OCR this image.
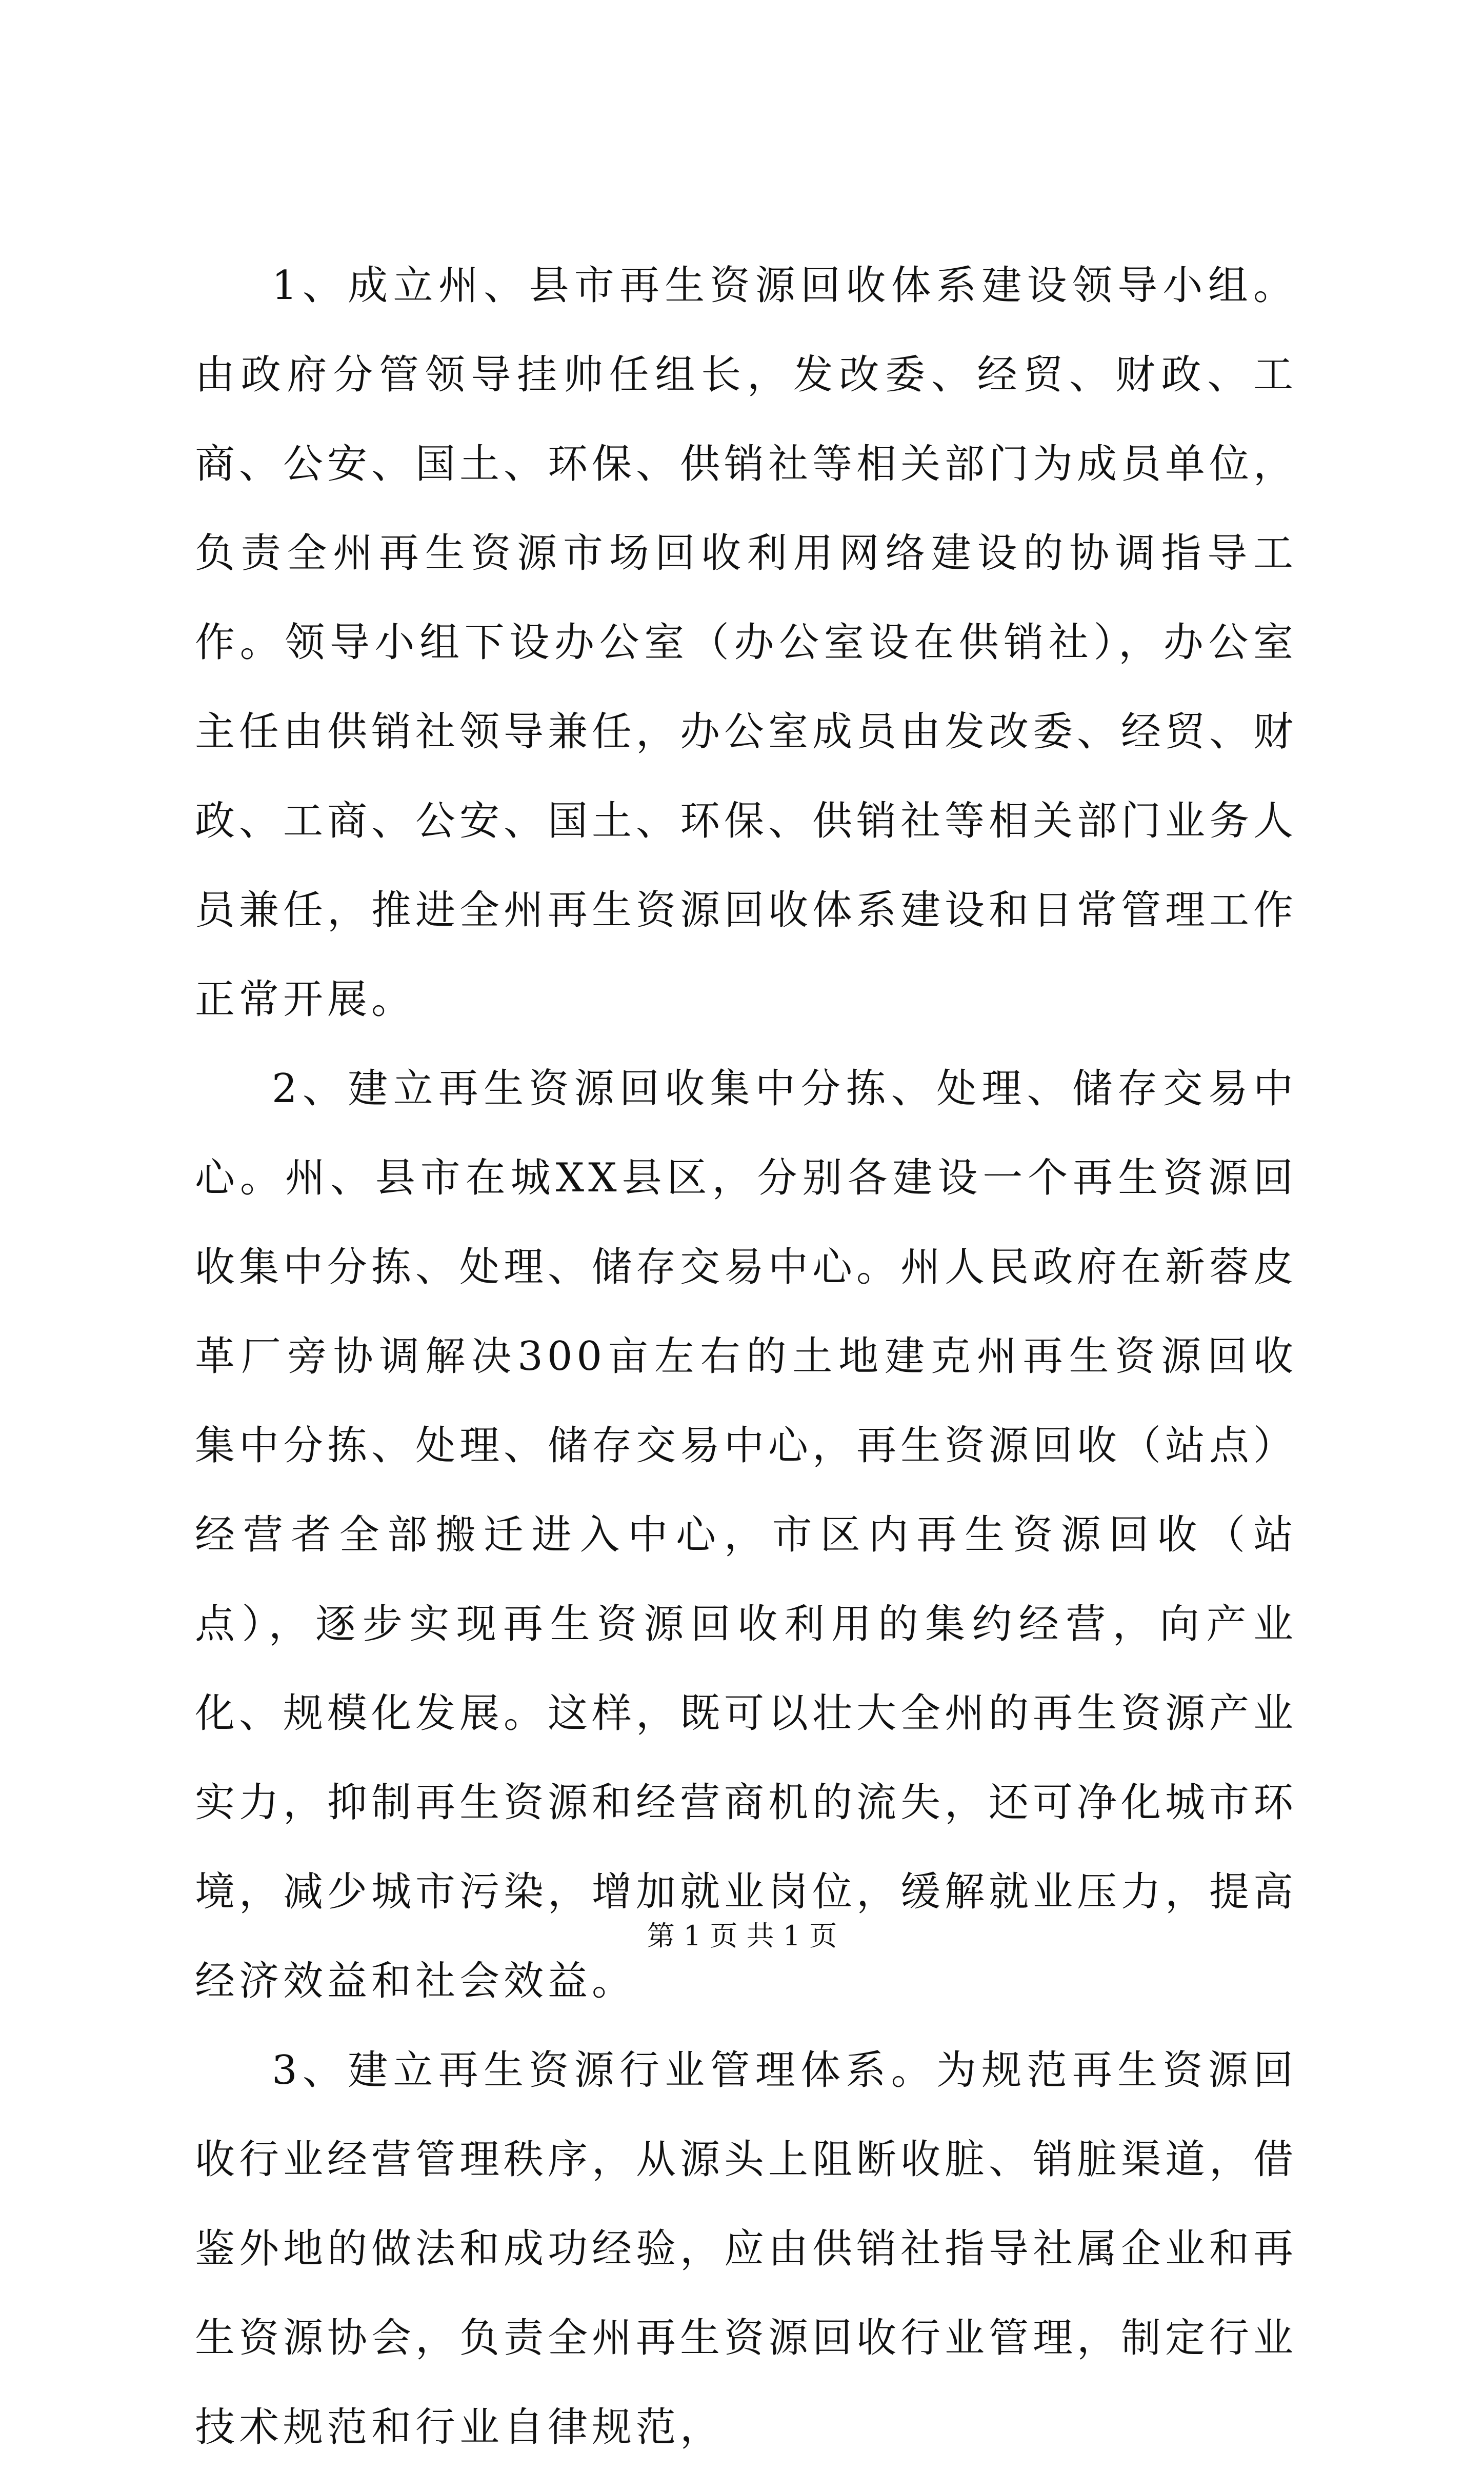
1、成立州、县市再生资源回收体系建设领导小组。由政府分管领导挂帅任组长，发改委、经贸、财政、工商、公安、国土、环保、供销社等相关部门为成员单位，负责全州再生资源市场回收利用网络建设的协调指导工作。领导小组下设办公室（办公室设在供销社），办公室主任由供销社领导兼任，办公室成员由发改委、经贸、财政、工商、公安、国土、环保、供销社等相关部门业务人员兼任，推进全州再生资源回收体系建设和日常管理工作正常开展。

2、建立再生资源回收集中分拣、处理、储存交易中心。州、县市在城XX县区，分别各建设一个再生资源回收集中分拣、处理、储存交易中心。州人民政府在新蓉皮革厂旁协调解决300亩左右的土地建克州再生资源回收集中分拣、处理、储存交易中心，再生资源回收（站点）经营者全部搬迁进入中心，市区内再生资源回收（站点），逐步实现再生资源回收利用的集约经营，向产业化、规模化发展。这样，既可以壮大全州的再生资源产业实力，抑制再生资源和经营商机的流失，还可净化城市环境，减少城市污染，增加就业岗位，缓解就业压力，提高经济效益和社会效益。

3、建立再生资源行业管理体系。为规范再生资源回收行业经营管理秩序，从源头上阻断收脏、销脏渠道，借鉴外地的做法和成功经验，应由供销社指导社属企业和再生资源协会，负责全州再生资源回收行业管理，制定行业技术规范和行业自律规范，

第 1 页 共 1 页
